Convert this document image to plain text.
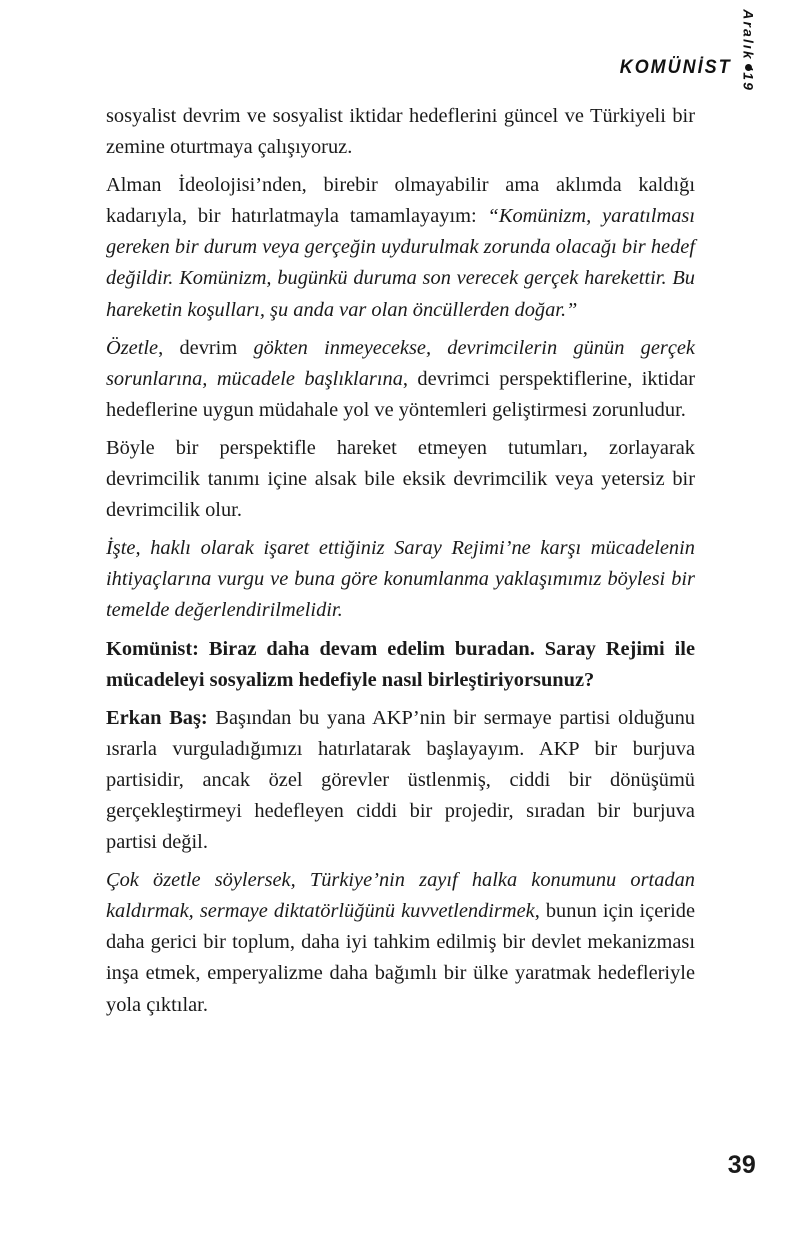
KOMÜNİST Aralık '19

sosyalist devrim ve sosyalist iktidar hedeflerini güncel ve Türkiyeli bir zemine oturtmaya çalışıyoruz.

Alman İdeolojisi’nden, birebir olmayabilir ama aklımda kaldığı kadarıyla, bir hatırlatmayla tamamlayayım: “Komünizm, yaratılması gereken bir durum veya gerçeğin uydurulmak zorunda olacağı bir hedef değildir. Komünizm, bugünkü duruma son verecek gerçek harekettir. Bu hareketin koşulları, şu anda var olan öncüllerden doğar.”

Özetle, devrim gökten inmeyecekse, devrimcilerin günün gerçek sorunlarına, mücadele başlıklarına, devrimci perspektiflerine, iktidar hedeflerine uygun müdahale yol ve yöntemleri geliştirmesi zorunludur.

Böyle bir perspektifle hareket etmeyen tutumları, zorlayarak devrimcilik tanımı içine alsak bile eksik devrimcilik veya yetersiz bir devrimcilik olur.

İşte, haklı olarak işaret ettiğiniz Saray Rejimi’ne karşı mücadelenin ihtiyaçlarına vurgu ve buna göre konumlanma yaklaşımımız böylesi bir temelde değerlendirilmelidir.

Komünist: Biraz daha devam edelim buradan. Saray Rejimi ile mücadeleyi sosyalizm hedefiyle nasıl birleştiriyorsunuz?

Erkan Baş: Başından bu yana AKP’nin bir sermaye partisi olduğunu ısrarla vurguladığımızı hatırlatarak başlayayım. AKP bir burjuva partisidir, ancak özel görevler üstlenmiş, ciddi bir dönüşümü gerçekleştirmeyi hedefleyen ciddi bir projedir, sıradan bir burjuva partisi değil.

Çok özetle söylersek, Türkiye’nin zayıf halka konumunu ortadan kaldırmak, sermaye diktatörlüğünü kuvvetlendirmek, bunun için içeride daha gerici bir toplum, daha iyi tahkim edilmiş bir devlet mekanizması inşa etmek, emperyalizme daha bağımlı bir ülke yaratmak hedefleriyle yola çıktılar.

39
